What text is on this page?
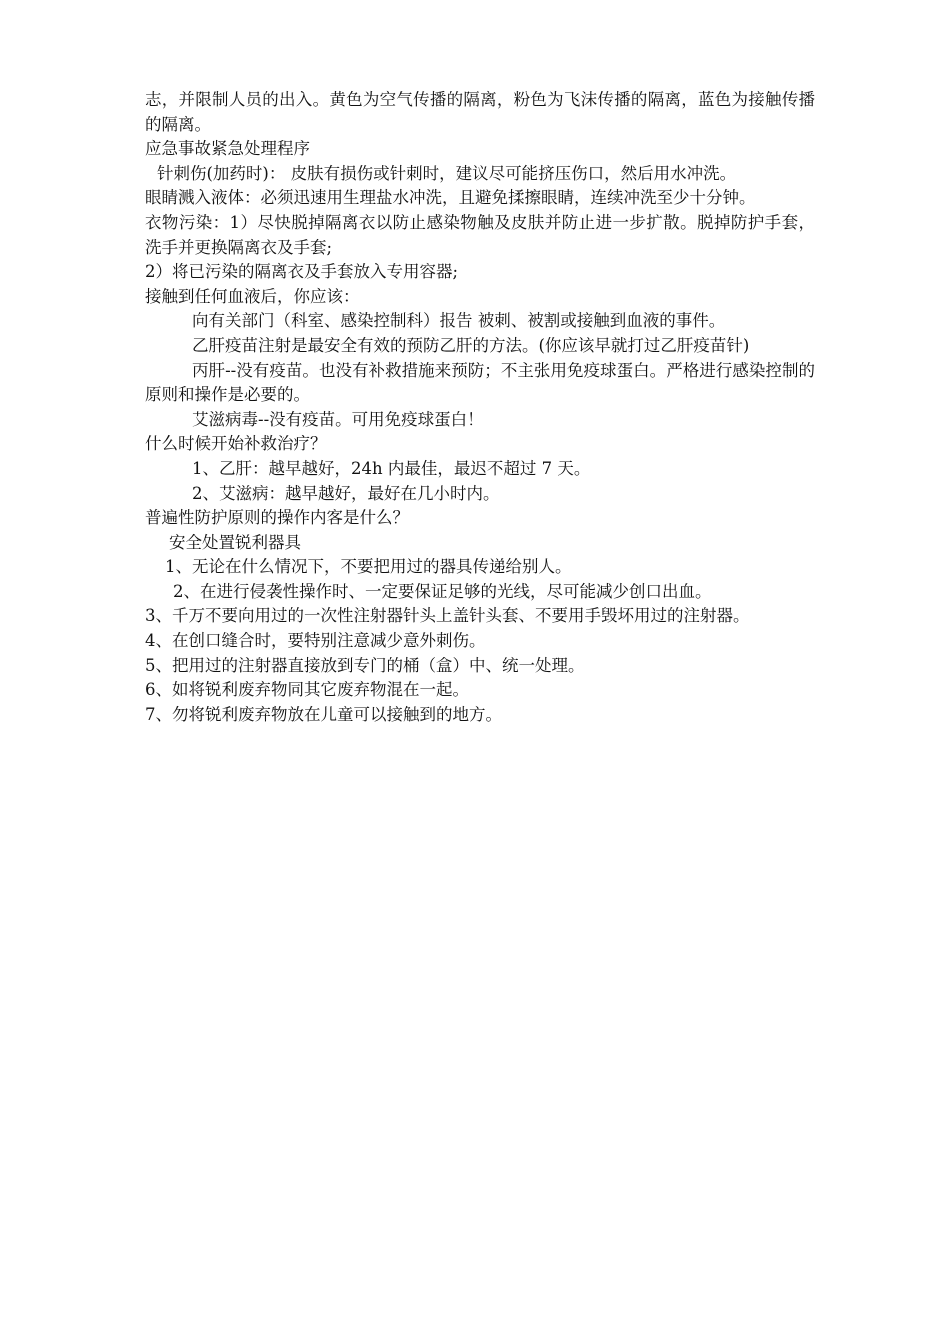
志，并限制人员的出入。黄色为空气传播的隔离，粉色为飞沫传播的隔离，蓝色为接触传播的隔离。

应急事故紧急处理程序

针刺伤(加药时)： 皮肤有损伤或针刺时，建议尽可能挤压伤口，然后用水冲洗。

眼睛溅入液体：必须迅速用生理盐水冲洗，且避免揉擦眼睛，连续冲洗至少十分钟。

衣物污染：1）尽快脱掉隔离衣以防止感染物触及皮肤并防止进一步扩散。脱掉防护手套，洗手并更换隔离衣及手套;

2）将已污染的隔离衣及手套放入专用容器;

接触到任何血液后，你应该：

向有关部门（科室、感染控制科）报告 被刺、被割或接触到血液的事件。

乙肝疫苗注射是最安全有效的预防乙肝的方法。(你应该早就打过乙肝疫苗针)

丙肝--没有疫苗。也没有补救措施来预防；不主张用免疫球蛋白。严格进行感染控制的原则和操作是必要的。

艾滋病毒--没有疫苗。可用免疫球蛋白！

什么时候开始补救治疗？

1、乙肝：越早越好，24h 内最佳，最迟不超过 7 天。

2、艾滋病：越早越好，最好在几小时内。

普遍性防护原则的操作内客是什么？

安全处置锐利器具

1、无论在什么情况下，不要把用过的器具传递给别人。

2、在进行侵袭性操作时、一定要保证足够的光线，尽可能减少创口出血。

3、千万不要向用过的一次性注射器针头上盖针头套、不要用手毁坏用过的注射器。

4、在创口缝合时，要特别注意减少意外刺伤。

5、把用过的注射器直接放到专门的桶（盒）中、统一处理。

6、如将锐利废弃物同其它废弃物混在一起。

7、勿将锐利废弃物放在儿童可以接触到的地方。
